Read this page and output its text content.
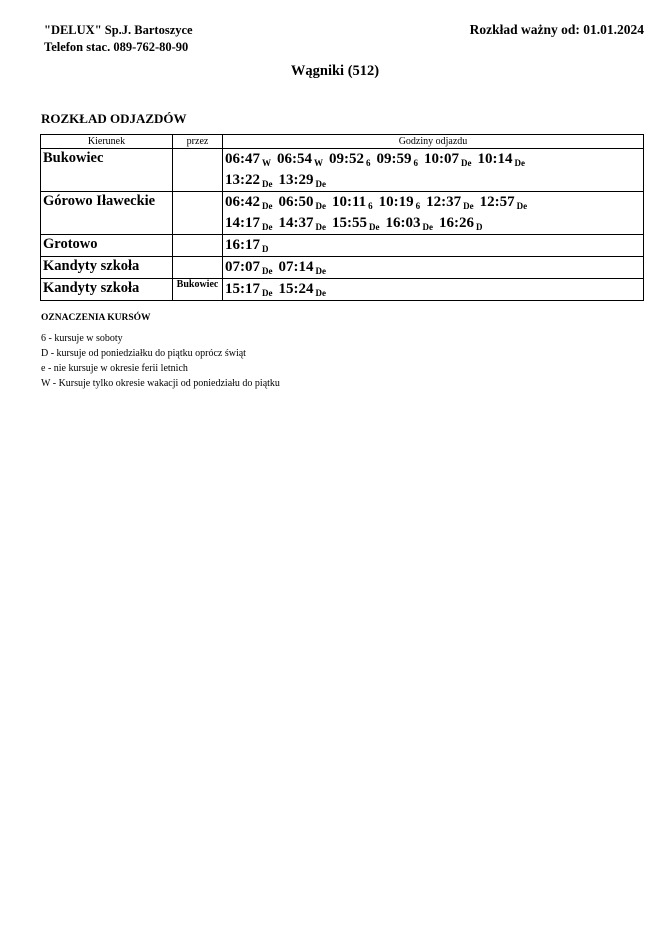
"DELUX" Sp.J. Bartoszyce
Telefon stac. 089-762-80-90
Rozkład ważny od: 01.01.2024
Wągniki (512)
ROZKŁAD ODJAZDÓW
Kierunek	przez	Godziny odjazdu
Bukowiec		06:47 $_W$ 06:54 $_W$ 09:52 $_6$ 09:59 $_6$ 10:07 $_{De}$ 10:14 $_{De}$
13:22 $_{De}$ 13:29 $_{De}$

Górowo Iławeckie		06:42 $_{De}$ 06:50 $_{De}$ 10:11 $_6$ 10:19 $_6$ 12:37 $_{De}$ 12:57 $_{De}$
14:17 $_{De}$ 14:37 $_{De}$ 15:55 $_{De}$ 16:03 $_{De}$ 16:26 $_D$

Grotowo		16:17 $_D$

Kandyty szkoła		07:07 $_{De}$ 07:14 $_{De}$

Kandyty szkoła	Bukowiec	15:17 $_{De}$ 15:24 $_{De}$
OZNACZENIA KURSÓW
6 - kursuje w soboty
D - kursuje od poniedziałku do piątku oprócz świąt
e - nie kursuje w okresie ferii letnich
W - Kursuje tylko okresie wakacji od poniedziału do piątku
